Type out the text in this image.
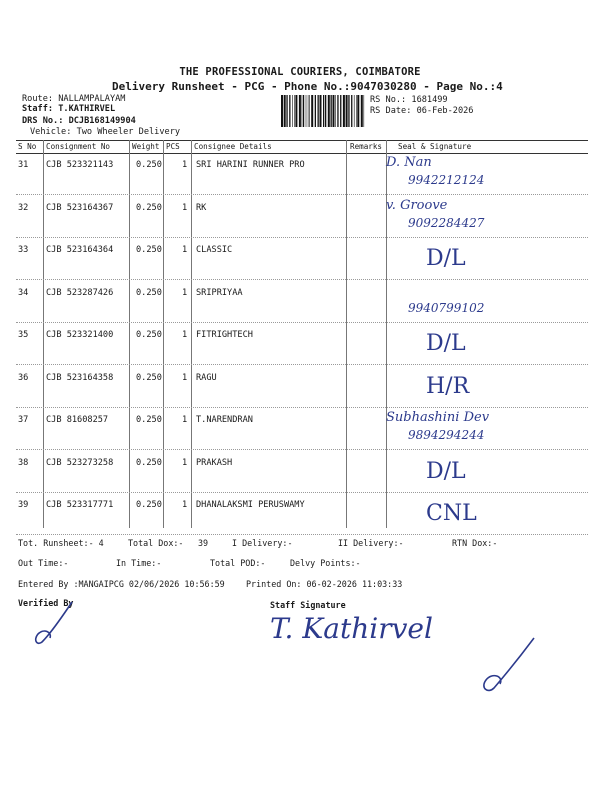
THE PROFESSIONAL COURIERS, COIMBATORE
Delivery Runsheet - PCG - Phone No.:9047030280 - Page No.:4
Route: NALLAMPALAYAM
Staff: T.KATHIRVEL
DRS No.: DCJB168149904
Vehicle: Two Wheeler Delivery
RS No.: 1681499
RS Date: 06-Feb-2026
S No Consignment No	Weight PCS Consignee Details	Remarks Seal & Signature
31 CJB 523321143	0.250 1 SRI HARINI RUNNER PRO	D. Nan
9942212124
32 CJB 523164367	0.250 1 RK	v. Groove
9092284427
33 CJB 523164364	0.250 1 CLASSIC	D/L
34 CJB 523287426	0.250 1 SRIPRIYAA
9940799102
35 CJB 523321400	0.250 1 FITRIGHTECH	D/L
36 CJB 523164358	0.250 1 RAGU	H/R
37 CJB 81608257	0.250 1 T.NARENDRAN	Subhashini Dev
9894294244
38 CJB 523273258	0.250 1 PRAKASH	D/L
39 CJB 523317771	0.250 1 DHANALAKSMI PERUSWAMY	CNL
Tot. Runsheet:- 4	Total Dox:- 39	I Delivery:-	II Delivery:-	RTN Dox:-
Out Time:-	In Time:-	Total POD:-	Delvy Points:-
Entered By :MANGAIPCG 02/06/2026 10:56:59	Printed On: 06-02-2026 11:03:33
Verified By	Staff Signature
T. Kathirvel
